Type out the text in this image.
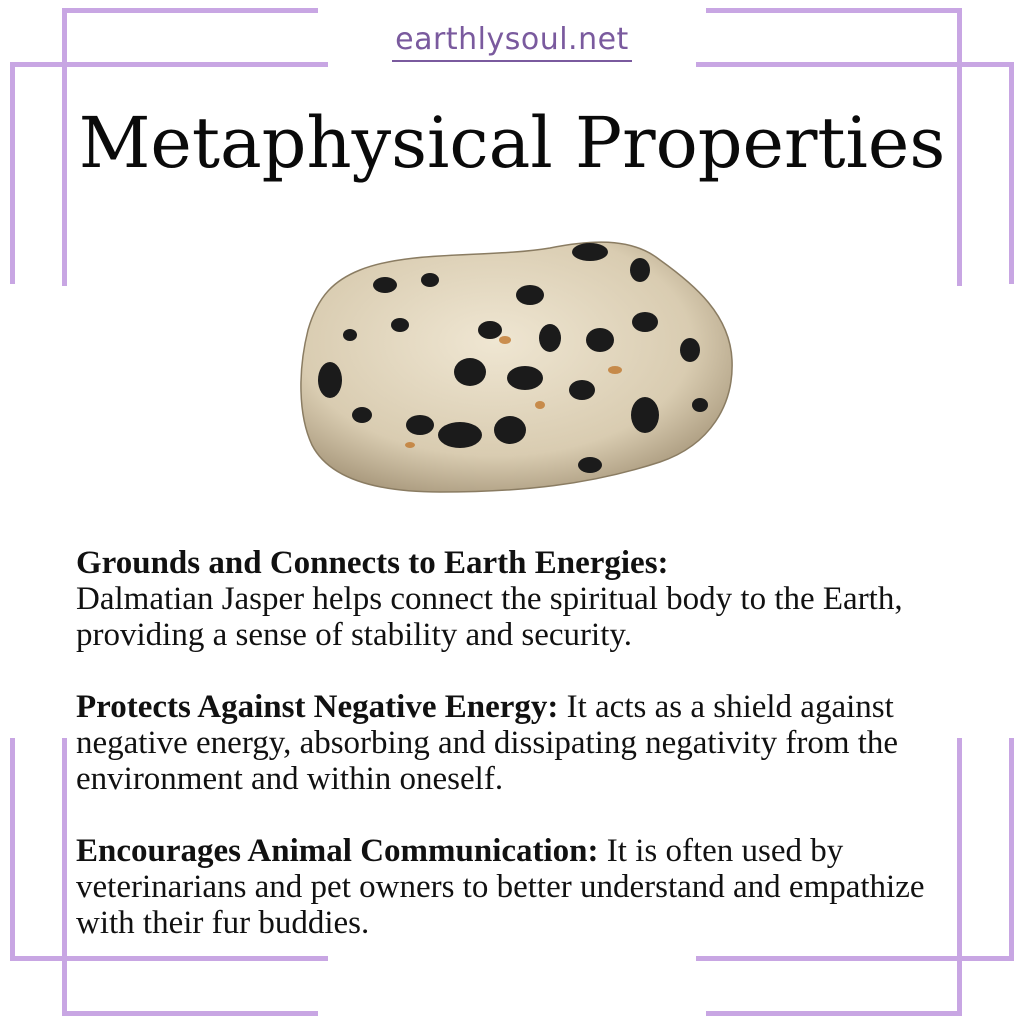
earthlysoul.net
Metaphysical Properties

Grounds and Connects to Earth Energies:
Dalmatian Jasper helps connect the spiritual body to the Earth, providing a sense of stability and security.

Protects Against Negative Energy: It acts as a shield against negative energy, absorbing and dissipating negativity from the environment and within oneself.

Encourages Animal Communication: It is often used by veterinarians and pet owners to better understand and empathize with their fur buddies.
